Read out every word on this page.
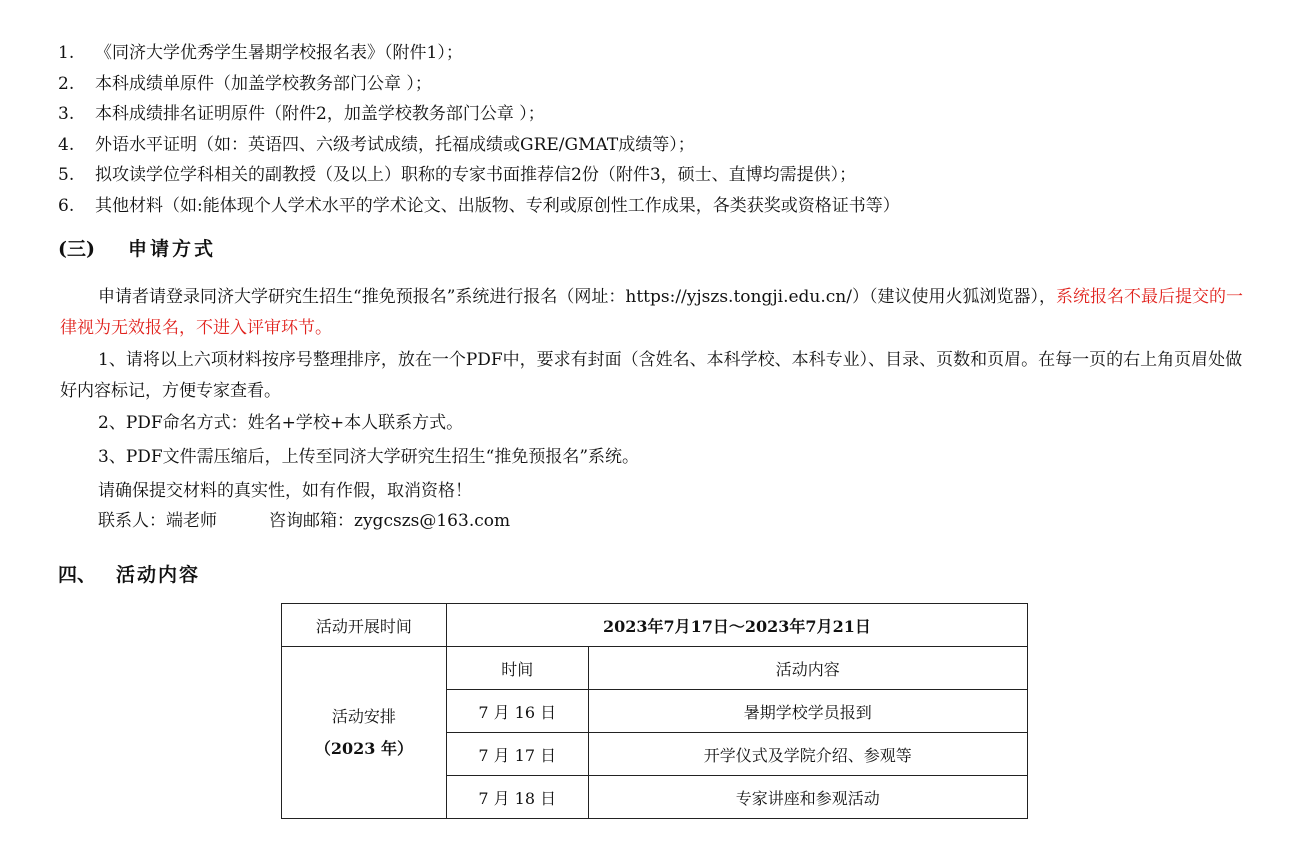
1. 《同济大学优秀学生暑期学校报名表》（附件1）；
2. 本科成绩单原件（加盖学校教务部门公章 ）；
3. 本科成绩排名证明原件（附件2，加盖学校教务部门公章 ）；
4. 外语水平证明（如：英语四、六级考试成绩，托福成绩或GRE/GMAT成绩等）；
5. 拟攻读学位学科相关的副教授（及以上）职称的专家书面推荐信2份（附件3，硕士、直博均需提供）；
6. 其他材料（如:能体现个人学术水平的学术论文、出版物、专利或原创性工作成果，各类获奖或资格证书等）
(三) 申请方式
申请者请登录同济大学研究生招生“推免预报名”系统进行报名（网址：https://yjszs.tongji.edu.cn/）（建议使用火狐浏览器），系统报名不最后提交的一律视为无效报名，不进入评审环节。
1、请将以上六项材料按序号整理排序，放在一个PDF中，要求有封面（含姓名、本科学校、本科专业）、目录、页数和页眉。在每一页的右上角页眉处做好内容标记，方便专家查看。
2、PDF命名方式：姓名+学校+本人联系方式。
3、PDF文件需压缩后，上传至同济大学研究生招生“推免预报名”系统。
请确保提交材料的真实性，如有作假，取消资格！
联系人：端老师	咨询邮箱：zygcszs@163.com
四、 活动内容
活动开展时间	2023年7月17日～2023年7月21日	

活动安排
（2023 年）	时间	活动内容
	7 月 16 日	暑期学校学员报到
	7 月 17 日	开学仪式及学院介绍、参观等
	7 月 18 日	专家讲座和参观活动
